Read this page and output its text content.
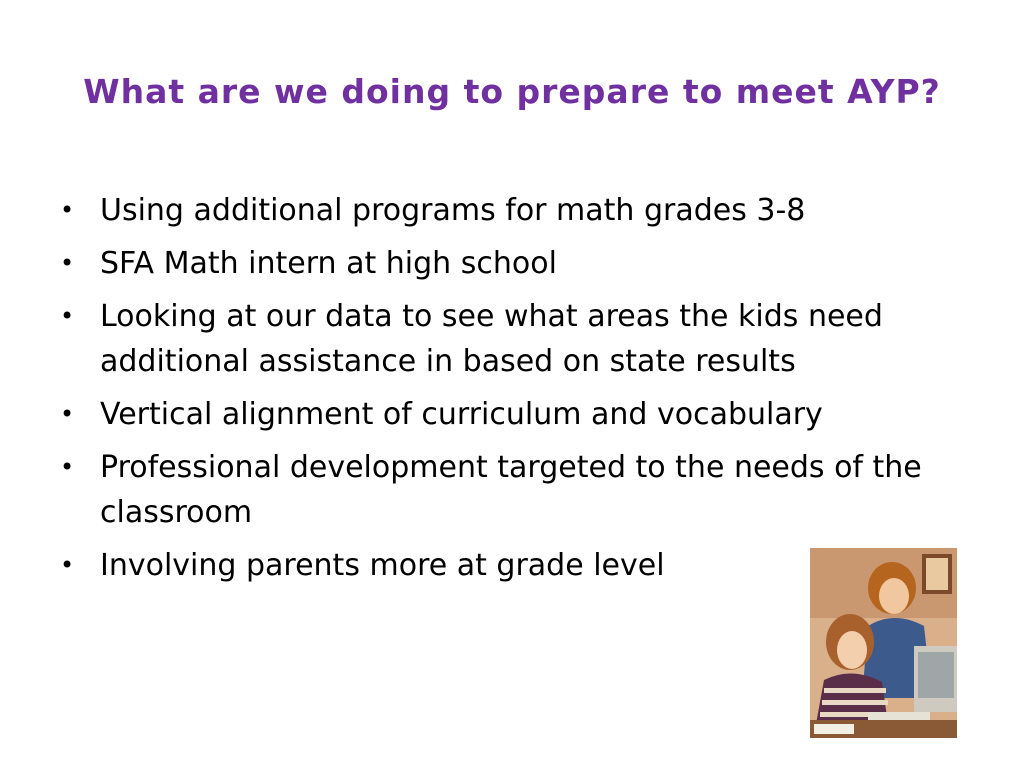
What are we doing to prepare to meet AYP?
• Using additional programs for math grades 3-8
• SFA Math intern at high school
• Looking at our data to see what areas the kids need additional assistance in based on state results
• Vertical alignment of curriculum and vocabulary
• Professional development targeted to the needs of the classroom
• Involving parents more at grade level
